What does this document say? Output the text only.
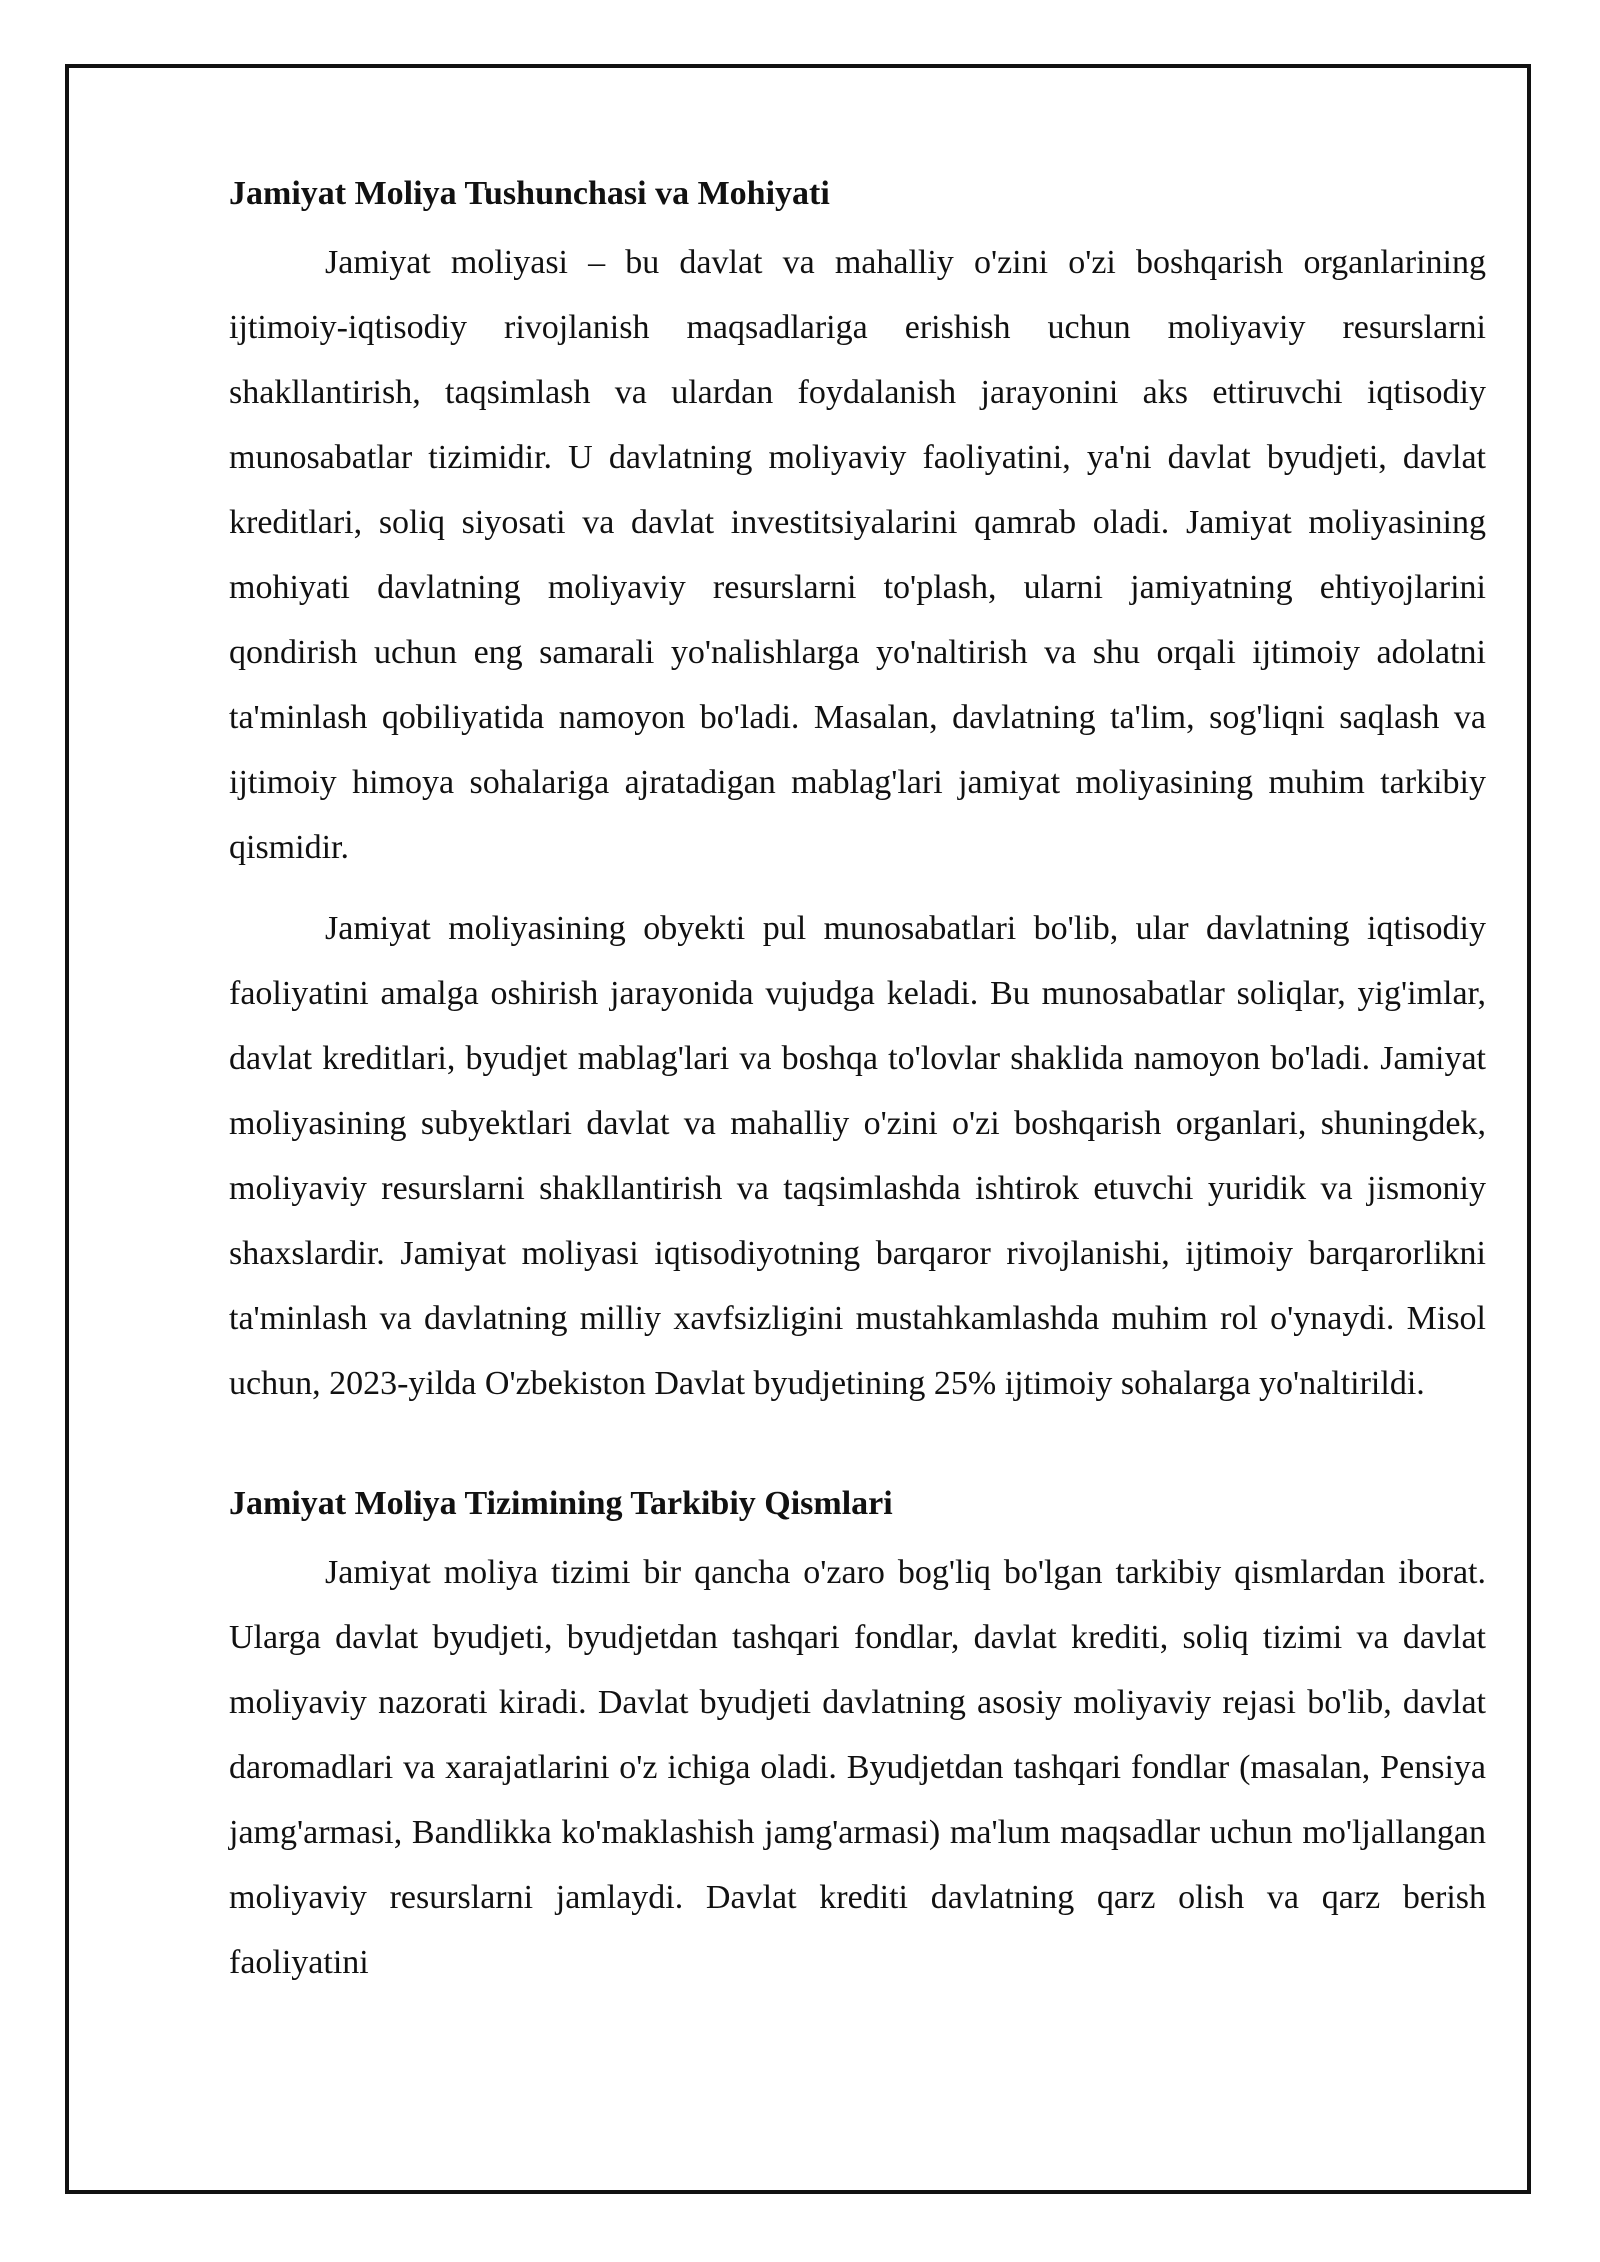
Jamiyat Moliya Tushunchasi va Mohiyati

Jamiyat moliyasi – bu davlat va mahalliy o'zini o'zi boshqarish organlarining ijtimoiy-iqtisodiy rivojlanish maqsadlariga erishish uchun moliyaviy resurslarni shakllantirish, taqsimlash va ulardan foydalanish jarayonini aks ettiruvchi iqtisodiy munosabatlar tizimidir. U davlatning moliyaviy faoliyatini, ya'ni davlat byudjeti, davlat kreditlari, soliq siyosati va davlat investitsiyalarini qamrab oladi. Jamiyat moliyasining mohiyati davlatning moliyaviy resurslarni to'plash, ularni jamiyatning ehtiyojlarini qondirish uchun eng samarali yo'nalishlarga yo'naltirish va shu orqali ijtimoiy adolatni ta'minlash qobiliyatida namoyon bo'ladi. Masalan, davlatning ta'lim, sog'liqni saqlash va ijtimoiy himoya sohalariga ajratadigan mablag'lari jamiyat moliyasining muhim tarkibiy qismidir.

Jamiyat moliyasining obyekti pul munosabatlari bo'lib, ular davlatning iqtisodiy faoliyatini amalga oshirish jarayonida vujudga keladi. Bu munosabatlar soliqlar, yig'imlar, davlat kreditlari, byudjet mablag'lari va boshqa to'lovlar shaklida namoyon bo'ladi. Jamiyat moliyasining subyektlari davlat va mahalliy o'zini o'zi boshqarish organlari, shuningdek, moliyaviy resurslarni shakllantirish va taqsimlashda ishtirok etuvchi yuridik va jismoniy shaxslardir. Jamiyat moliyasi iqtisodiyotning barqaror rivojlanishi, ijtimoiy barqarorlikni ta'minlash va davlatning milliy xavfsizligini mustahkamlashda muhim rol o'ynaydi. Misol uchun, 2023-yilda O'zbekiston Davlat byudjetining 25% ijtimoiy sohalarga yo'naltirildi.

Jamiyat Moliya Tizimining Tarkibiy Qismlari

Jamiyat moliya tizimi bir qancha o'zaro bog'liq bo'lgan tarkibiy qismlardan iborat. Ularga davlat byudjeti, byudjetdan tashqari fondlar, davlat krediti, soliq tizimi va davlat moliyaviy nazorati kiradi. Davlat byudjeti davlatning asosiy moliyaviy rejasi bo'lib, davlat daromadlari va xarajatlarini o'z ichiga oladi. Byudjetdan tashqari fondlar (masalan, Pensiya jamg'armasi, Bandlikka ko'maklashish jamg'armasi) ma'lum maqsadlar uchun mo'ljallangan moliyaviy resurslarni jamlaydi. Davlat krediti davlatning qarz olish va qarz berish faoliyatini
